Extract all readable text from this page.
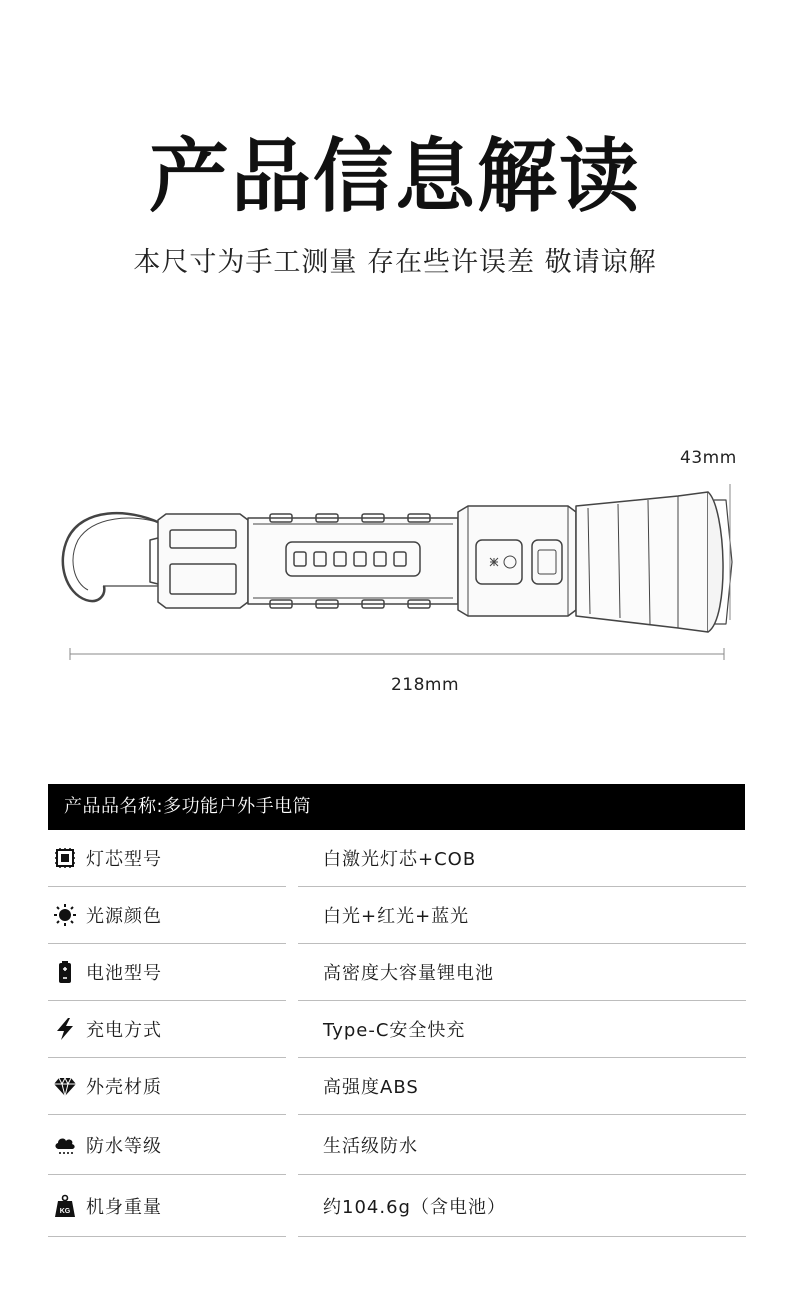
产品信息解读
本尺寸为手工测量 存在些许误差 敬请谅解
43mm
218mm
产品品名称:多功能户外手电筒
灯芯型号	白激光灯芯+COB
光源颜色	白光+红光+蓝光
电池型号	高密度大容量锂电池
充电方式	Type-C安全快充
外壳材质	高强度ABS
防水等级	生活级防水
KG 机身重量	约104.6g（含电池）
